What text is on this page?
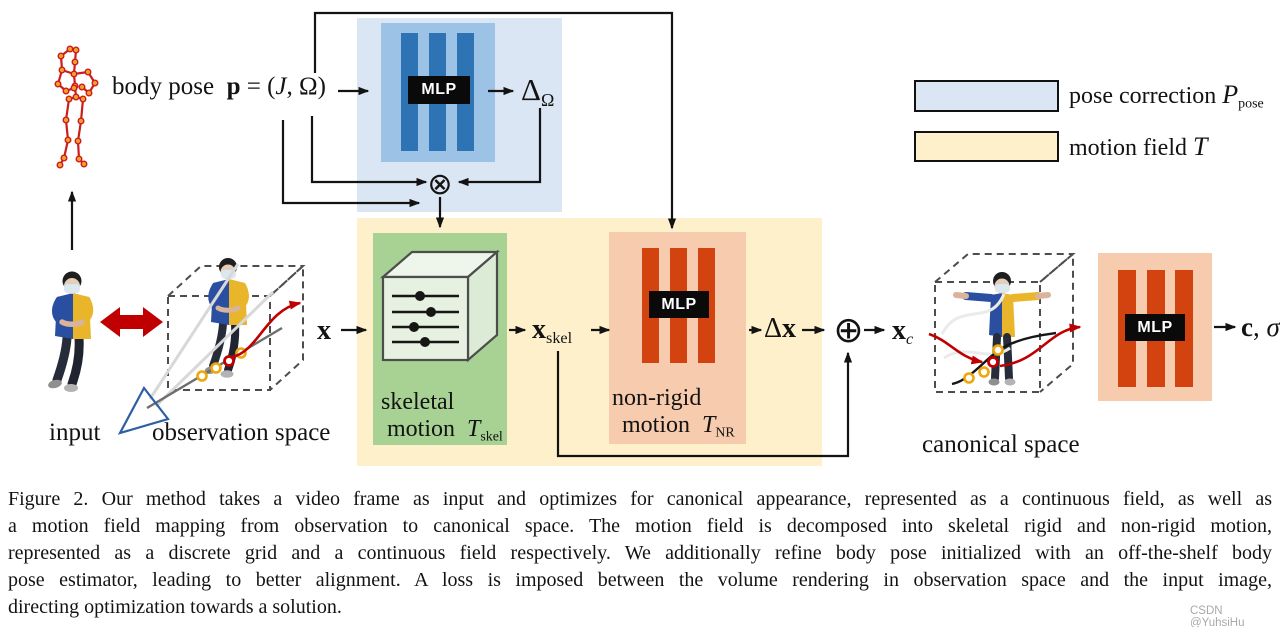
MLP
MLP
MLP
⊗
⊕
body pose p = (J, Ω)	ΔΩ
x	xskel	Δx	xc	c, σ
skeletal
motion Tskel
non-rigid
motion TNR
input observation space	canonical space
pose correction Ppose
motion field T
Figure 2. Our method takes a video frame as input and optimizes for canonical appearance, represented as a continuous field, as well as
a motion field mapping from observation to canonical space. The motion field is decomposed into skeletal rigid and non-rigid motion,
represented as a discrete grid and a continuous field respectively. We additionally refine body pose initialized with an off-the-shelf body
pose estimator, leading to better alignment. A loss is imposed between the volume rendering in observation space and the input image,
directing optimization towards a solution.	CSDN @YuhsiHu
